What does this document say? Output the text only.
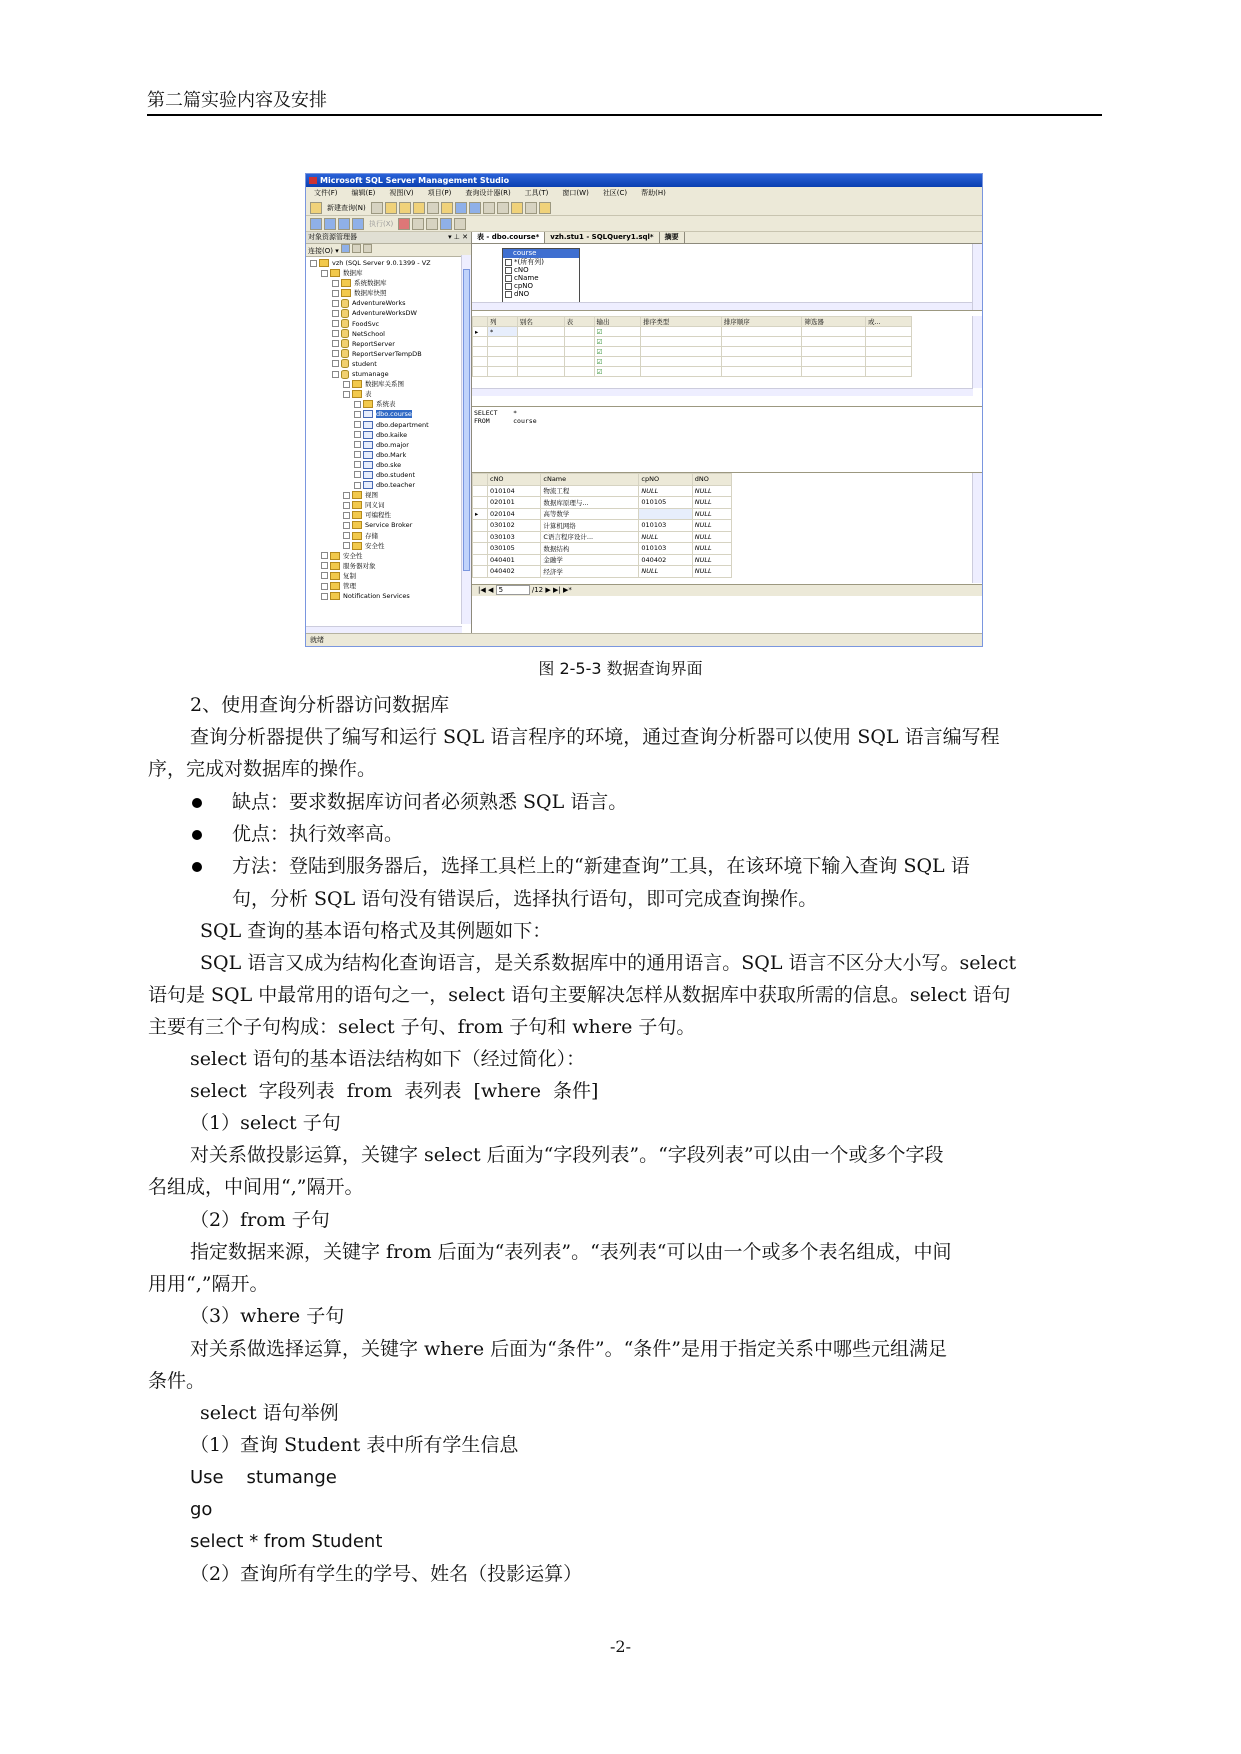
第二篇实验内容及安排
Microsoft SQL Server Management Studio
文件(F) 编辑(E) 视图(V) 项目(P) 查询设计器(R) 工具(T) 窗口(W) 社区(C) 帮助(H)
新建查询(N)
执行(X)
对象资源管理器	▾ ⊥ ✕
连接(O) ▾
vzh (SQL Server 9.0.1399 - VZ
数据库
系统数据库
数据库快照
AdventureWorks
AdventureWorksDW
FoodSvc
NetSchool
ReportServer
ReportServerTempDB
student
stumanage
数据库关系图
表
系统表
dbo.course
dbo.department
dbo.kaike
dbo.major
dbo.Mark
dbo.ske
dbo.student
dbo.teacher
视图
同义词
可编程性
Service Broker
存储
安全性
安全性
服务器对象
复制
管理
Notification Services
表 - dbo.course*	vzh.stu1 - SQLQuery1.sql*	摘要
course
*(所有列)
cNO
cName
cpNO
dNO
	列	别名	表	输出	排序类型	排序顺序	筛选器	或...
▸	*			☑				
				☑				
				☑				
				☑				
				☑				
SELECT    *
FROM      course
	cNO	cName	cpNO	dNO
	010104	物流工程	NULL	NULL
	020101	数据库原理与...	010105	NULL
▸	020104	高等数学		NULL
	030102	计算机网络	010103	NULL
	030103	C语言程序设计...	NULL	NULL
	030105	数据结构	010103	NULL
	040401	金融学	040402	NULL
	040402	经济学	NULL	NULL
|◀ ◀ 5	/12 ▶ ▶| ▶*
就绪
图 2-5-3 数据查询界面
2、使用查询分析器访问数据库
查询分析器提供了编写和运行 SQL 语言程序的环境，通过查询分析器可以使用 SQL 语言编写程
序，完成对数据库的操作。
缺点：要求数据库访问者必须熟悉 SQL 语言。
优点：执行效率高。
方法：登陆到服务器后，选择工具栏上的“新建查询”工具，在该环境下输入查询 SQL 语
句，分析 SQL 语句没有错误后，选择执行语句，即可完成查询操作。
SQL 查询的基本语句格式及其例题如下：
SQL 语言又成为结构化查询语言，是关系数据库中的通用语言。SQL 语言不区分大小写。select
语句是 SQL 中最常用的语句之一，select 语句主要解决怎样从数据库中获取所需的信息。select 语句
主要有三个子句构成：select 子句、from 子句和 where 子句。
select 语句的基本语法结构如下（经过简化）：
select  字段列表  from  表列表  [where  条件]
（1）select 子句
对关系做投影运算，关键字 select 后面为“字段列表”。“字段列表”可以由一个或多个字段
名组成，中间用“,”隔开。
（2）from 子句
指定数据来源，关键字 from 后面为“表列表”。“表列表“可以由一个或多个表名组成，中间
用用“,”隔开。
（3）where 子句
对关系做选择运算，关键字 where 后面为“条件”。“条件”是用于指定关系中哪些元组满足
条件。
select 语句举例
（1）查询 Student 表中所有学生信息
Use    stumange
go
select * from Student
（2）查询所有学生的学号、姓名（投影运算）
-2-
